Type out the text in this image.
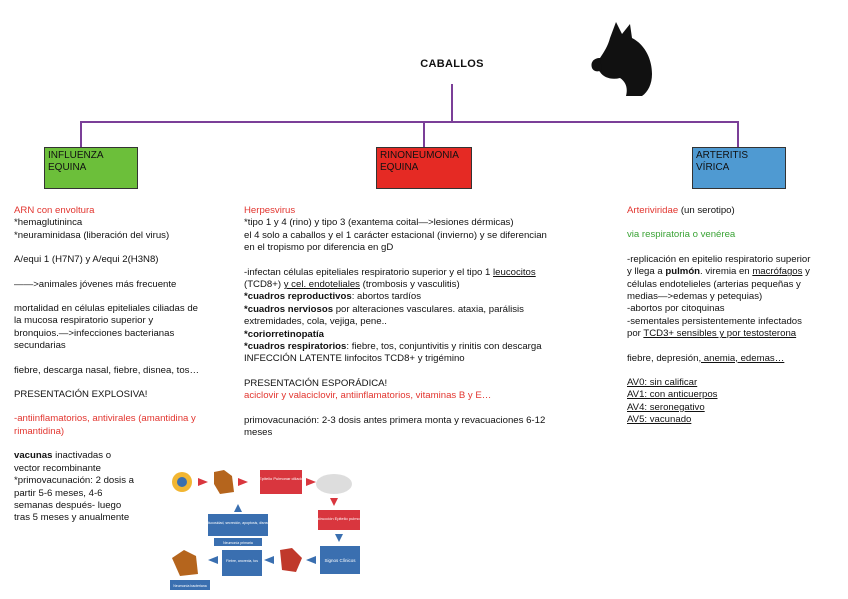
CABALLOS
INFLUENZA
EQUINA
RINONEUMONIA
EQUINA
ARTERITIS
VÍRICA

ARN con envoltura

*hemaglutininca

*neuraminidasa (liberación del virus)

A/equi 1 (H7N7) y A/equi 2(H3N8)

——>animales jóvenes más frecuente

mortalidad en células epiteliales ciliadas de

la mucosa respiratorio superior y

bronquios.—>infecciones bacterianas

secundarias

fiebre, descarga nasal, fiebre, disnea, tos…

PRESENTACIÓN EXPLOSIVA!

-antiinflamatorios, antivirales (amantidina y

rimantidina)

vacunas inactivadas o

vector recombinante

*primovacunación: 2 dosis a

partir 5-6 meses, 4-6

semanas después- luego

tras 5 meses y anualmente

Herpesvirus

*tipo 1 y 4 (rino) y tipo 3 (exantema coital—>lesiones dérmicas)

el 4 solo a caballos y el 1 carácter estacional (invierno) y se diferencian

en el tropismo por diferencia en gD

-infectan células epiteliales respiratorio superior y el tipo 1 leucocitos

(TCD8+) y cel. endoteliales (trombosis y vasculitis)

*cuadros reproductivos: abortos tardíos

*cuadros nerviosos por alteraciones vasculares. ataxia, parálisis

extremidades, cola, vejiga, pene..

*coriorretinopatía

*cuadros respiratorios: fiebre, tos, conjuntivitis y rinitis con descarga

INFECCIÓN LATENTE linfocitos TCD8+ y trigémino

PRESENTACIÓN ESPORÁDICA!

aciclovir y valaciclovir, antiinflamatorios, vitaminas B y E…

primovacunación: 2-3 dosis antes primera monta y revacuaciones 6-12

meses

Arteriviridae (un serotipo)

via respiratoria o venérea

-replicación en epitelio respiratorio superior

y llega a pulmón. viremia en macrófagos y

células endotelieles (arterias pequeñas y

medias—>edemas y petequias)

-abortos por citoquinas

-sementales persistentemente infectados

por TCD3+ sensibles y por testosterona

fiebre, depresión, anemia, edemas…

AV0: sin calificar

AV1: con anticuerpos

AV4: seronegativo

AV5: vacunado

Epitelio Pulmonar ciliado
Destrucción Epitelio pulmonar
Signos Clínicos
Fiebre, anorexia, tos
Neumonía bacteriana
Mucosidad, secreción, apoptosis, disnea
Neumonía primaria
